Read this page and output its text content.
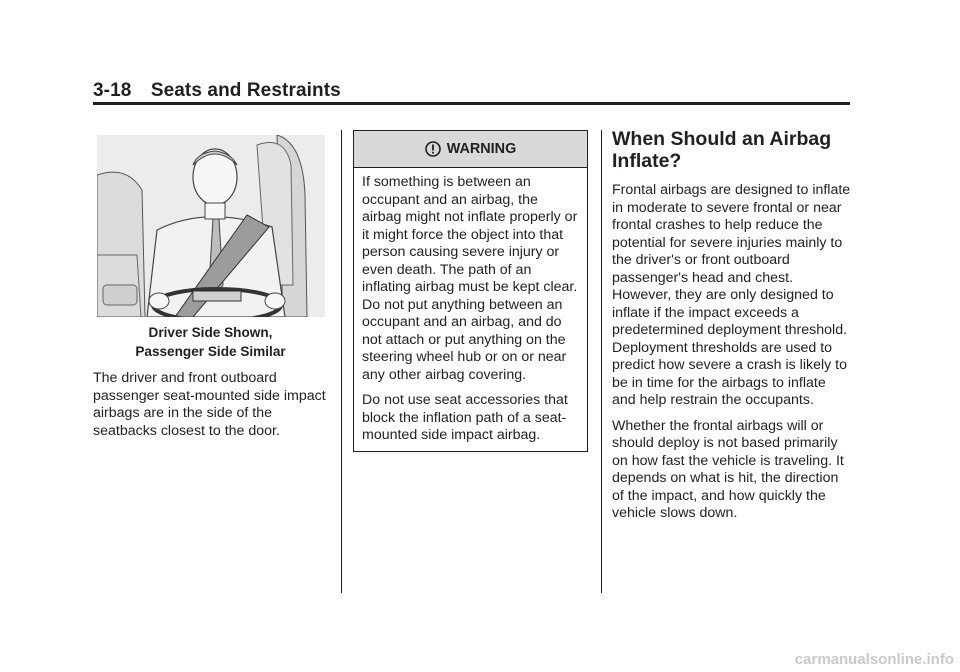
3-18 Seats and Restraints
Driver Side Shown,
Passenger Side Similar

The driver and front outboard passenger seat-mounted side impact airbags are in the side of the seatbacks closest to the door.

WARNING

If something is between an occupant and an airbag, the airbag might not inflate properly or it might force the object into that person causing severe injury or even death. The path of an inflating airbag must be kept clear. Do not put anything between an occupant and an airbag, and do not attach or put anything on the steering wheel hub or on or near any other airbag covering.

Do not use seat accessories that block the inflation path of a seat-mounted side impact airbag.

When Should an Airbag Inflate?

Frontal airbags are designed to inflate in moderate to severe frontal or near frontal crashes to help reduce the potential for severe injuries mainly to the driver's or front outboard passenger's head and chest. However, they are only designed to inflate if the impact exceeds a predetermined deployment threshold. Deployment thresholds are used to predict how severe a crash is likely to be in time for the airbags to inflate and help restrain the occupants.

Whether the frontal airbags will or should deploy is not based primarily on how fast the vehicle is traveling. It depends on what is hit, the direction of the impact, and how quickly the vehicle slows down.

carmanualsonline.info
